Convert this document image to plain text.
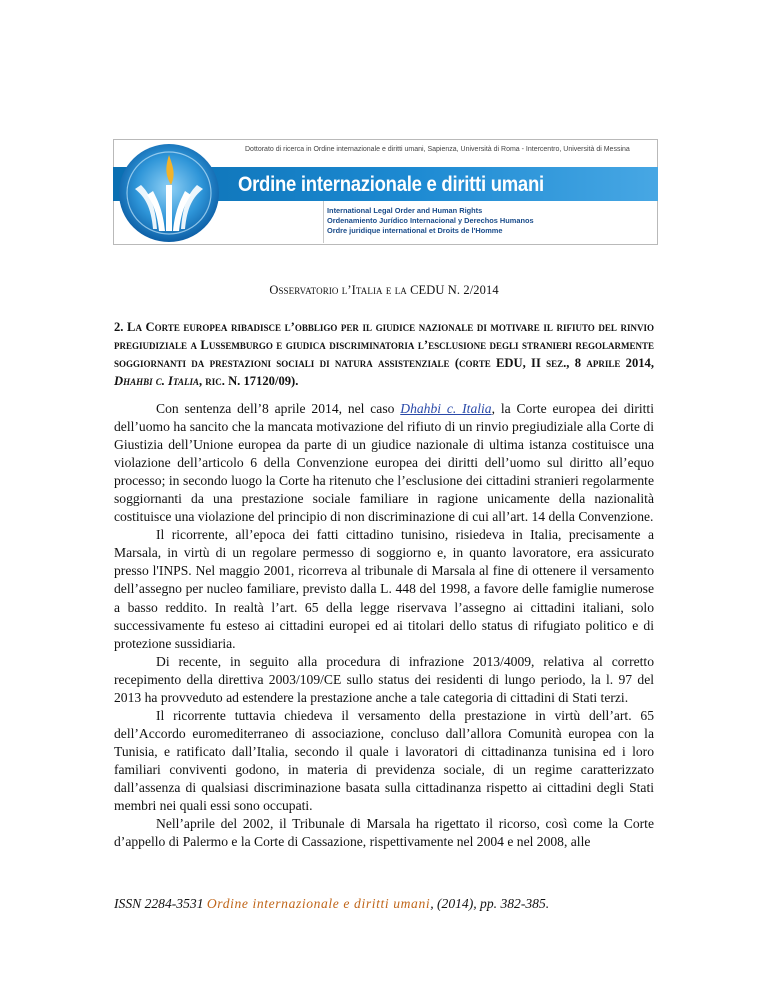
Dottorato di ricerca in Ordine internazionale e diritti umani, Sapienza, Università di Roma - Intercentro, Università di Messina
Ordine internazionale e diritti umani
International Legal Order and Human Rights
Ordenamiento Jurídico Internacional y Derechos Humanos
Ordre juridique international et Droits de l'Homme
Osservatorio l’Italia e la CEDU N. 2/2014
2. La Corte europea ribadisce l’obbligo per il giudice nazionale di motivare il rifiuto del rinvio pregiudiziale a Lussemburgo e giudica discriminatoria l’esclusione degli stranieri regolarmente soggiornanti da prestazioni sociali di natura assistenziale (corte EDU, II sez., 8 aprile 2014, Dhahbi c. Italia, ric. N. 17120/09).

Con sentenza dell’8 aprile 2014, nel caso Dhahbi c. Italia, la Corte europea dei diritti dell’uomo ha sancito che la mancata motivazione del rifiuto di un rinvio pregiudiziale alla Corte di Giustizia dell’Unione europea da parte di un giudice nazionale di ultima istanza costituisce una violazione dell’articolo 6 della Convenzione europea dei diritti dell’uomo sul diritto all’equo processo; in secondo luogo la Corte ha ritenuto che l’esclusione dei cittadini stranieri regolarmente soggiornanti da una prestazione sociale familiare in ragione unicamente della nazionalità costituisce una violazione del principio di non discriminazione di cui all’art. 14 della Convenzione.

Il ricorrente, all’epoca dei fatti cittadino tunisino, risiedeva in Italia, precisamente a Marsala, in virtù di un regolare permesso di soggiorno e, in quanto lavoratore, era assicurato presso l'INPS. Nel maggio 2001, ricorreva al tribunale di Marsala al fine di ottenere il versamento dell’assegno per nucleo familiare, previsto dalla L. 448 del 1998, a favore delle famiglie numerose a basso reddito. In realtà l’art. 65 della legge riservava l’assegno ai cittadini italiani, solo successivamente fu esteso ai cittadini europei ed ai titolari dello status di rifugiato politico e di protezione sussidiaria.

Di recente, in seguito alla procedura di infrazione 2013/4009, relativa al corretto recepimento della direttiva 2003/109/CE sullo status dei residenti di lungo periodo, la l. 97 del 2013 ha provveduto ad estendere la prestazione anche a tale categoria di cittadini di Stati terzi.

Il ricorrente tuttavia chiedeva il versamento della prestazione in virtù dell’art. 65 dell’Accordo euromediterraneo di associazione, concluso dall’allora Comunità europea con la Tunisia, e ratificato dall’Italia, secondo il quale i lavoratori di cittadinanza tunisina ed i loro familiari conviventi godono, in materia di previdenza sociale, di un regime caratterizzato dall’assenza di qualsiasi discriminazione basata sulla cittadinanza rispetto ai cittadini degli Stati membri nei quali essi sono occupati.

Nell’aprile del 2002, il Tribunale di Marsala ha rigettato il ricorso, così come la Corte d’appello di Palermo e la Corte di Cassazione, rispettivamente nel 2004 e nel 2008, alle

ISSN 2284-3531 Ordine internazionale e diritti umani, (2014), pp. 382-385.
